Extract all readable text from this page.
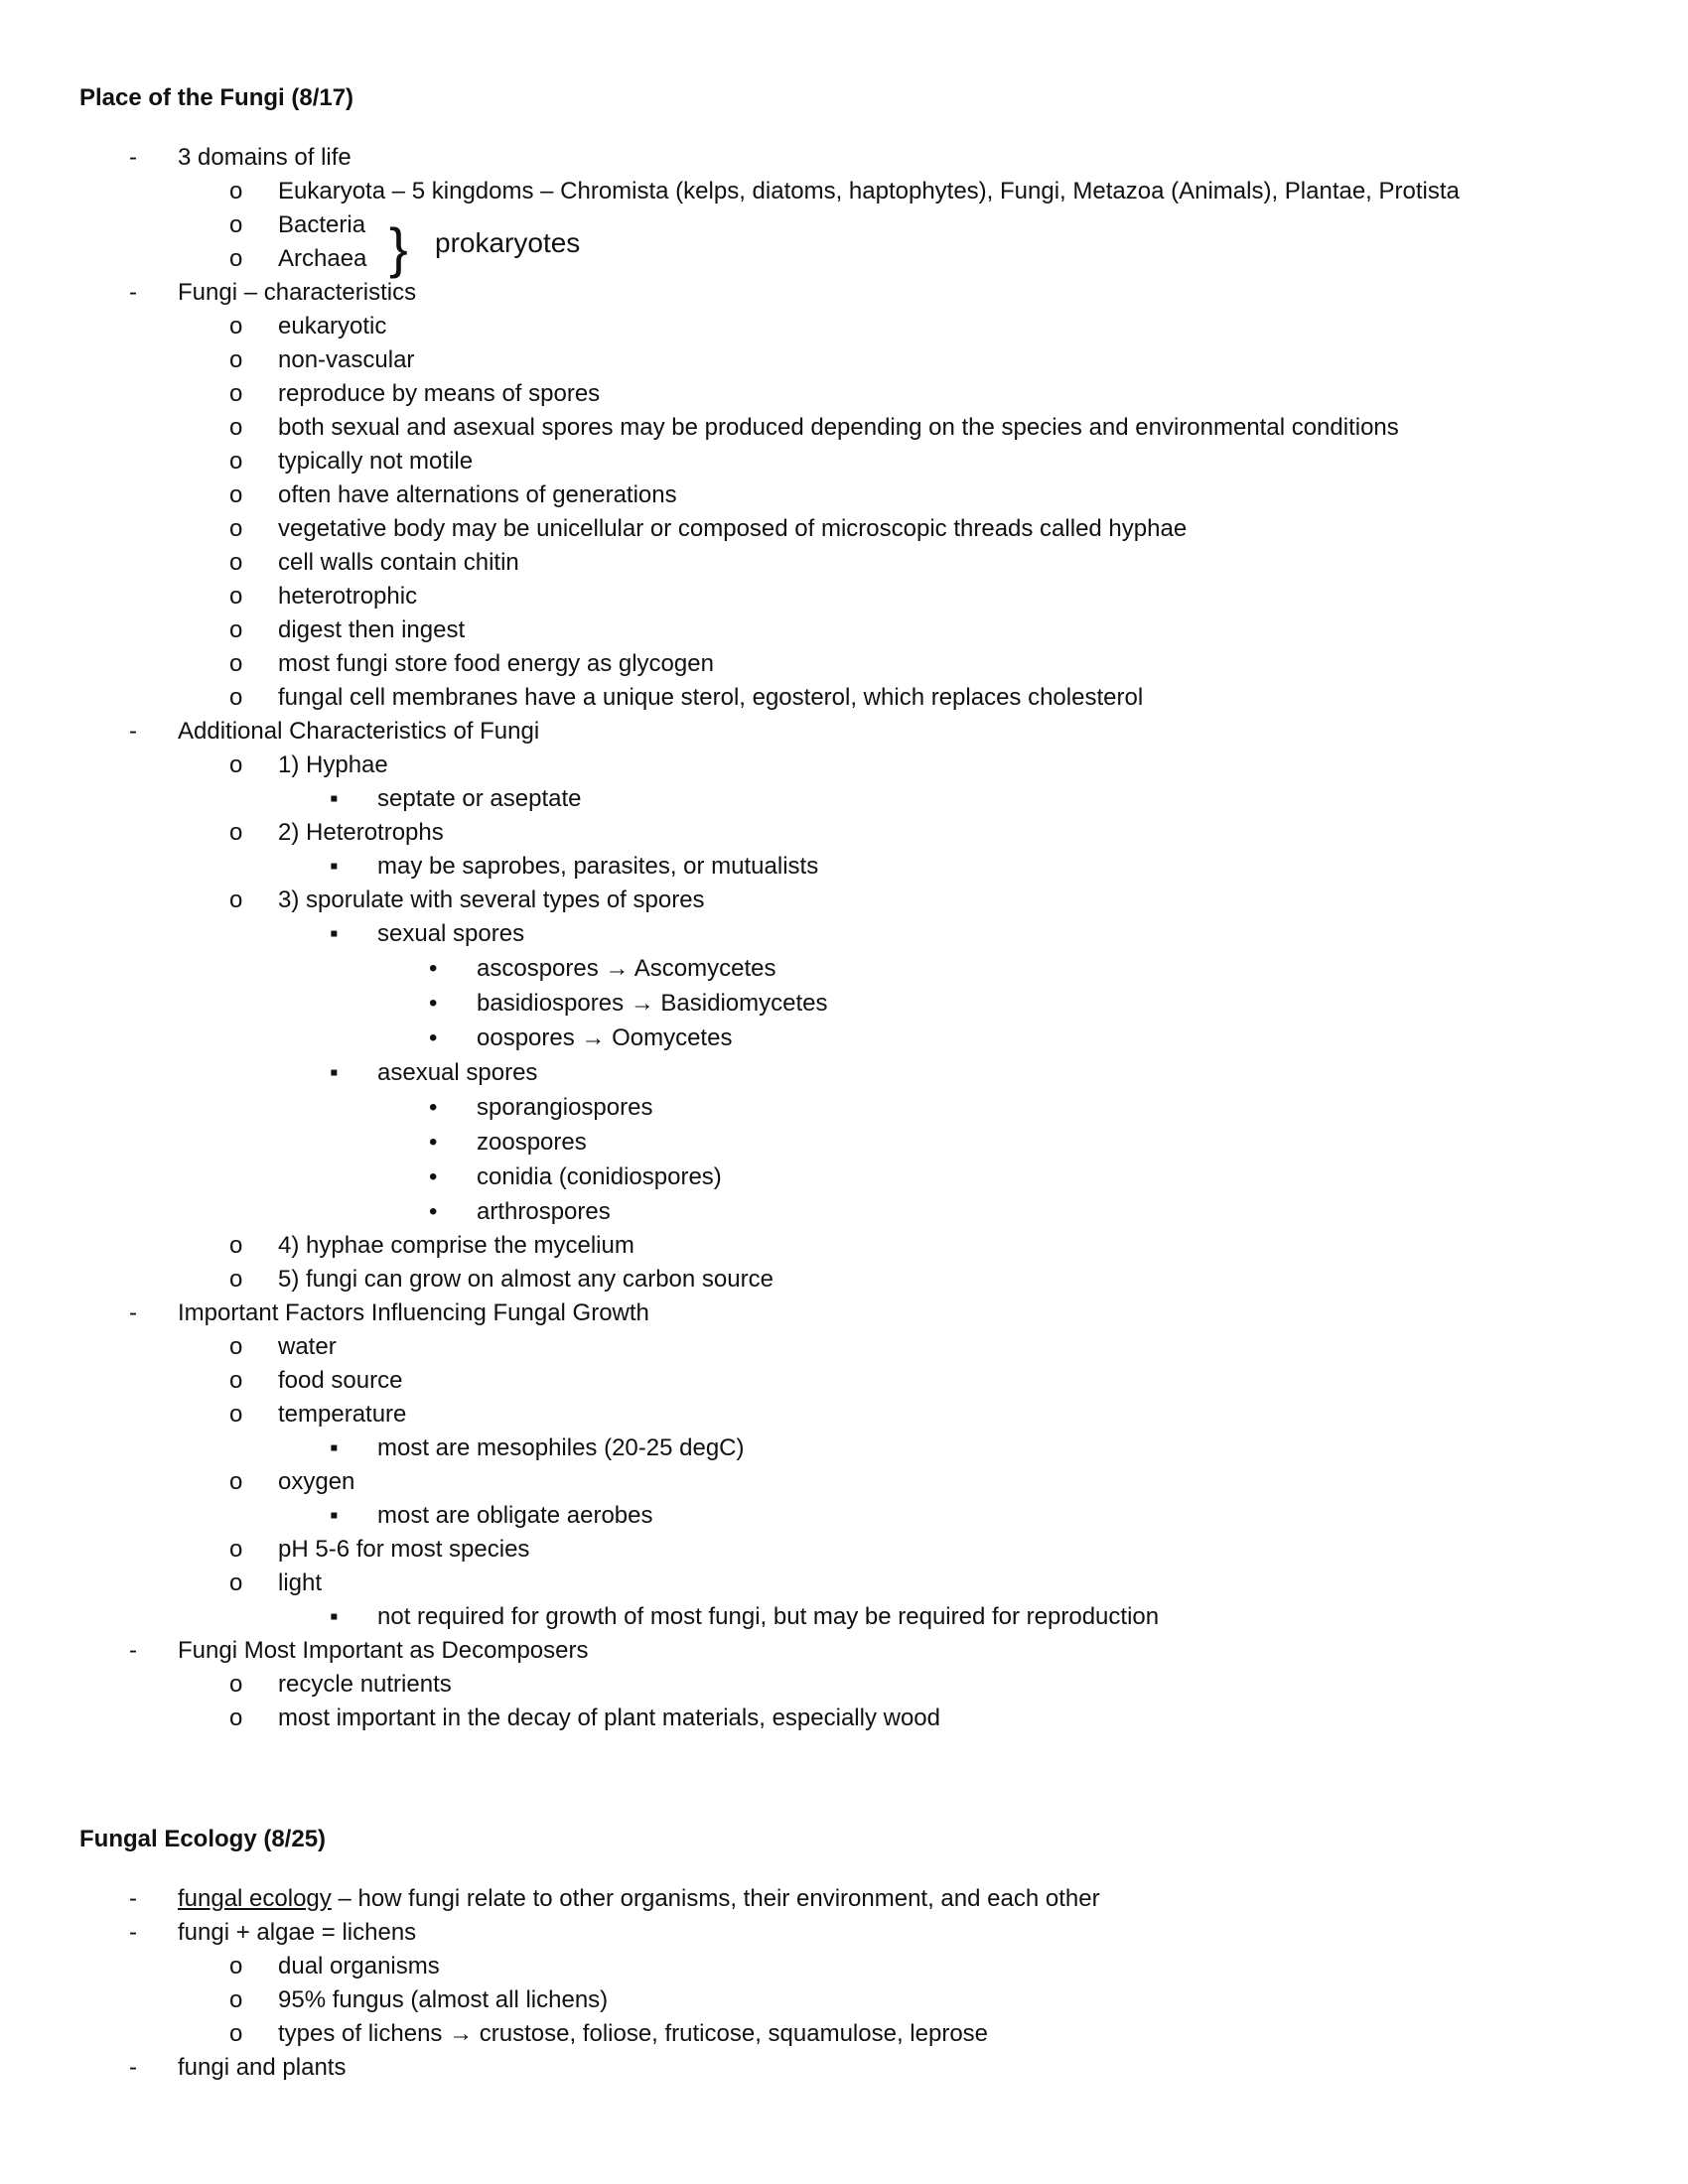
Place of the Fungi (8/17)
- 3 domains of life
o Eukaryota – 5 kingdoms – Chromista (kelps, diatoms, haptophytes), Fungi, Metazoa (Animals), Plantae, Protista
o Bacteria
o Archaea } prokaryotes
- Fungi – characteristics
o eukaryotic
o non-vascular
o reproduce by means of spores
o both sexual and asexual spores may be produced depending on the species and environmental conditions
o typically not motile
o often have alternations of generations
o vegetative body may be unicellular or composed of microscopic threads called hyphae
o cell walls contain chitin
o heterotrophic
o digest then ingest
o most fungi store food energy as glycogen
o fungal cell membranes have a unique sterol, egosterol, which replaces cholesterol
- Additional Characteristics of Fungi
o 1) Hyphae
▪ septate or aseptate
o 2) Heterotrophs
▪ may be saprobes, parasites, or mutualists
o 3) sporulate with several types of spores
▪ sexual spores
• ascospores → Ascomycetes
• basidiospores → Basidiomycetes
• oospores → Oomycetes
▪ asexual spores
• sporangiospores
• zoospores
• conidia (conidiospores)
• arthrospores
o 4) hyphae comprise the mycelium
o 5) fungi can grow on almost any carbon source
- Important Factors Influencing Fungal Growth
o water
o food source
o temperature
▪ most are mesophiles (20-25 degC)
o oxygen
▪ most are obligate aerobes
o pH 5-6 for most species
o light
▪ not required for growth of most fungi, but may be required for reproduction
- Fungi Most Important as Decomposers
o recycle nutrients
o most important in the decay of plant materials, especially wood
Fungal Ecology (8/25)
- fungal ecology – how fungi relate to other organisms, their environment, and each other
- fungi + algae = lichens
o dual organisms
o 95% fungus (almost all lichens)
o types of lichens → crustose, foliose, fruticose, squamulose, leprose
- fungi and plants
